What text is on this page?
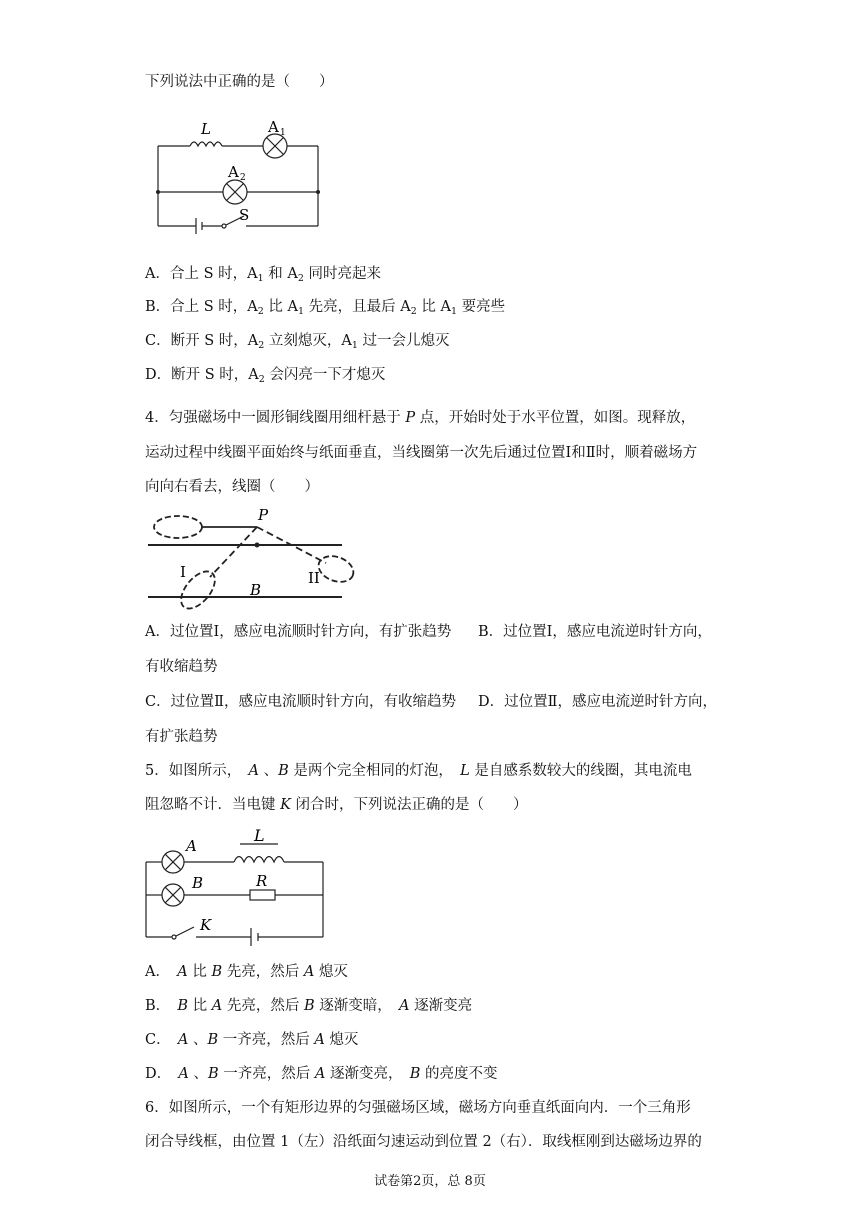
下列说法中正确的是（　　）
L	A 1
A 2
S
A．合上 S 时，$A_1$ 和 $A_2$ 同时亮起来
B．合上 S 时，$A_2$ 比 $A_1$ 先亮，且最后 $A_2$ 比 $A_1$ 要亮些
C．断开 S 时，$A_2$ 立刻熄灭，$A_1$ 过一会儿熄灭
D．断开 S 时，$A_2$ 会闪亮一下才熄灭
4．匀强磁场中一圆形铜线圈用细杆悬于 P 点，开始时处于水平位置，如图。现释放，
运动过程中线圈平面始终与纸面垂直，当线圈第一次先后通过位置Ⅰ和Ⅱ时，顺着磁场方
向向右看去，线圈（　　）
P
I	II
B
A．过位置Ⅰ，感应电流顺时针方向，有扩张趋势 B．过位置Ⅰ，感应电流逆时针方向，
有收缩趋势
C．过位置Ⅱ，感应电流顺时针方向，有收缩趋势 D．过位置Ⅱ，感应电流逆时针方向，
有扩张趋势
5．如图所示，　A 、B 是两个完全相同的灯泡，　L 是自感系数较大的线圈，其电流电
阻忽略不计．当电键 K 闭合时，下列说法正确的是（　　）
A
L
B	R
K
A．　A 比 B 先亮，然后 A 熄灭
B．　B 比 A 先亮，然后 B 逐渐变暗，　A 逐渐变亮
C．　A 、B 一齐亮，然后 A 熄灭
D．　A 、B 一齐亮，然后 A 逐渐变亮，　B 的亮度不变
6．如图所示，一个有矩形边界的匀强磁场区域，磁场方向垂直纸面向内．一个三角形
闭合导线框，由位置 1（左）沿纸面匀速运动到位置 2（右）．取线框刚到达磁场边界的
试卷第2页，总 8页
